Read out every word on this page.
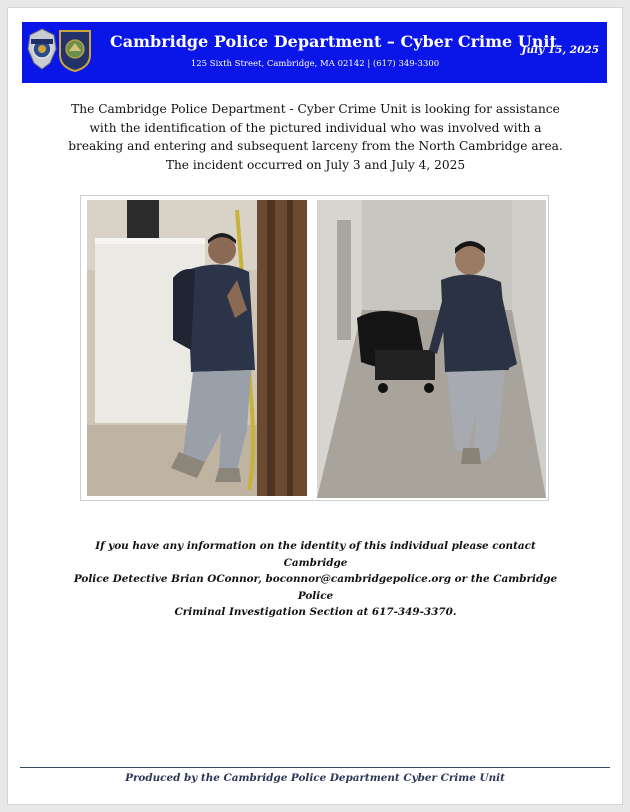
Cambridge Police Department – Cyber Crime Unit
125 Sixth Street, Cambridge, MA 02142 | (617) 349-3300
July 15, 2025
The Cambridge Police Department - Cyber Crime Unit is looking for assistance
with the identification of the pictured individual who was involved with a
breaking and entering and subsequent larceny from the North Cambridge area.
The incident occurred on July 3 and July 4, 2025
If you have any information on the identity of this individual please contact Cambridge
Police Detective Brian OConnor, boconnor@cambridgepolice.org or the Cambridge Police
Criminal Investigation Section at 617-349-3370.
Produced by the Cambridge Police Department Cyber Crime Unit
